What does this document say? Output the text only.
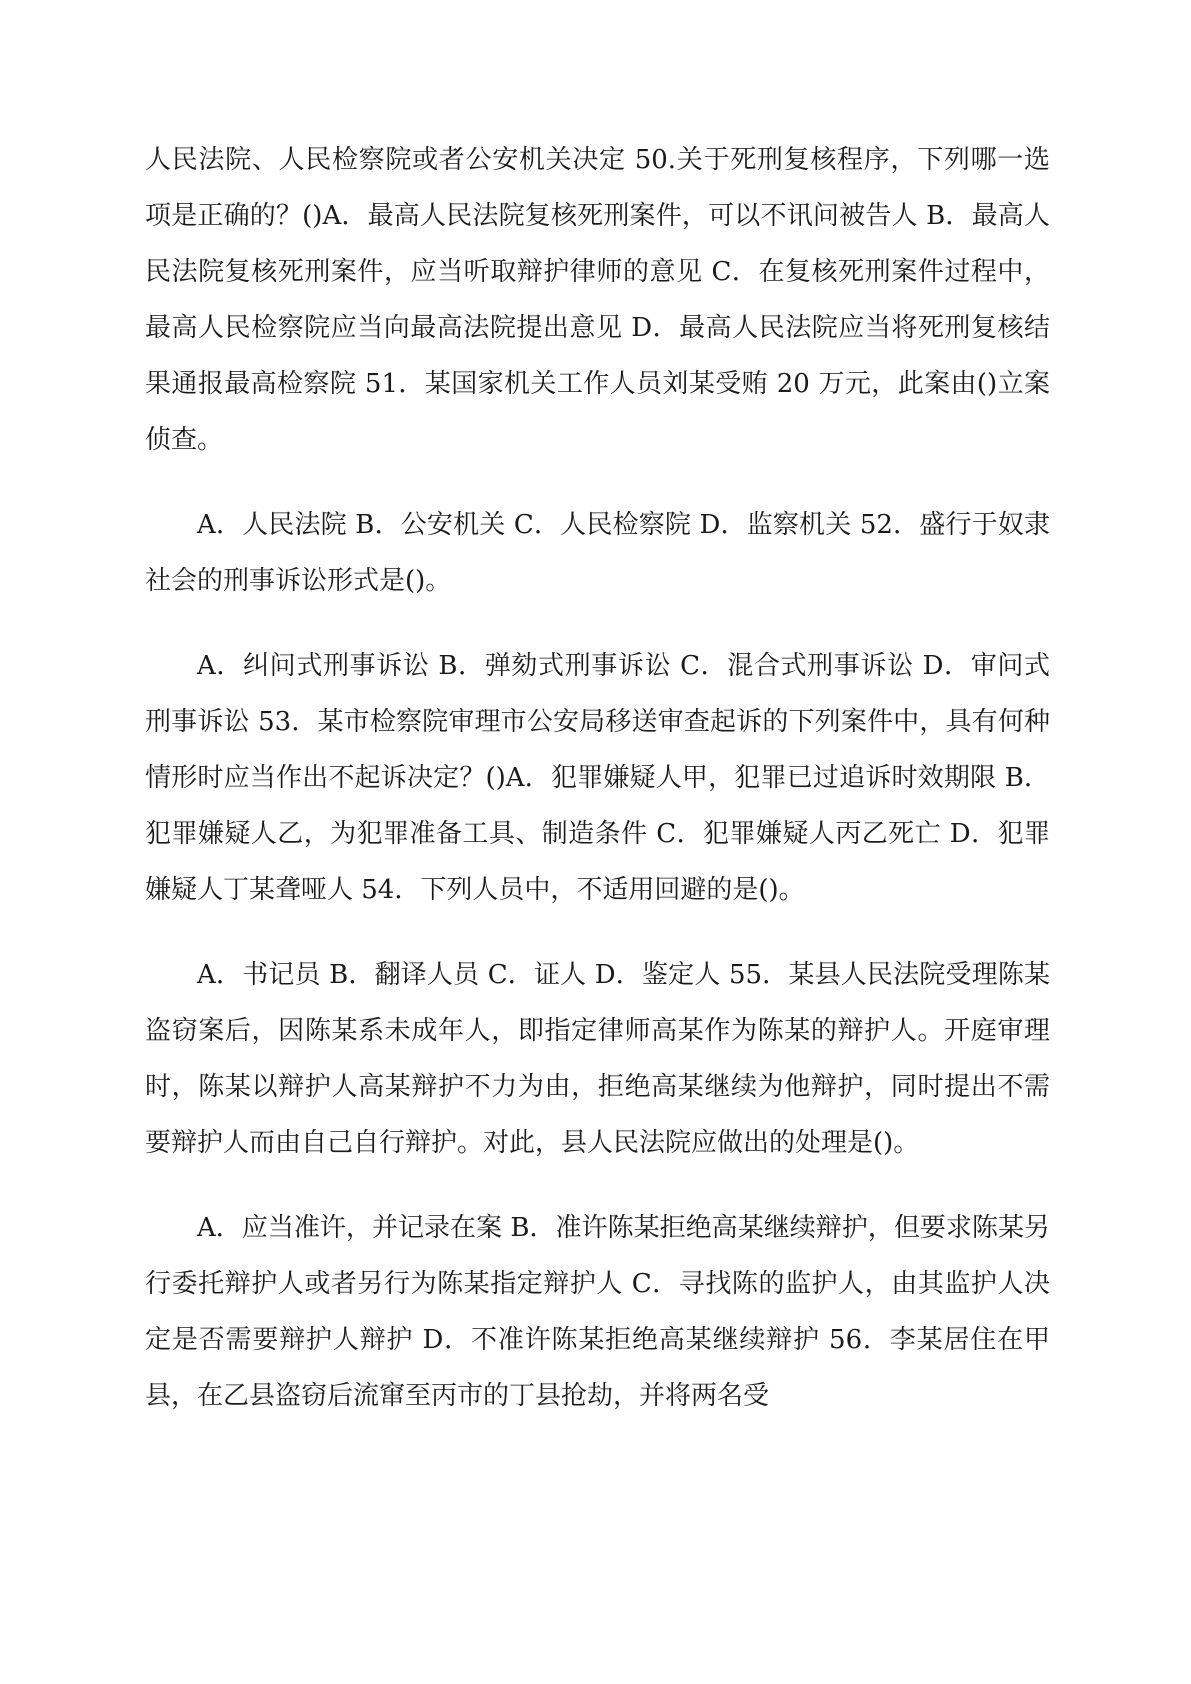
人民法院、人民检察院或者公安机关决定 50.关于死刑复核程序，下列哪一选项是正确的？()A．最高人民法院复核死刑案件，可以不讯问被告人 B．最高人民法院复核死刑案件，应当听取辩护律师的意见 C．在复核死刑案件过程中，最高人民检察院应当向最高法院提出意见 D．最高人民法院应当将死刑复核结果通报最高检察院 51．某国家机关工作人员刘某受贿 20 万元，此案由()立案侦查。

A．人民法院 B．公安机关 C．人民检察院 D．监察机关 52．盛行于奴隶社会的刑事诉讼形式是()。

A．纠问式刑事诉讼 B．弹劾式刑事诉讼 C．混合式刑事诉讼 D．审问式刑事诉讼 53．某市检察院审理市公安局移送审查起诉的下列案件中，具有何种情形时应当作出不起诉决定？()A．犯罪嫌疑人甲，犯罪已过追诉时效期限 B．犯罪嫌疑人乙，为犯罪准备工具、制造条件 C．犯罪嫌疑人丙乙死亡 D．犯罪嫌疑人丁某聋哑人 54．下列人员中，不适用回避的是()。

A．书记员 B．翻译人员 C．证人 D．鉴定人 55．某县人民法院受理陈某盗窃案后，因陈某系未成年人，即指定律师高某作为陈某的辩护人。开庭审理时，陈某以辩护人高某辩护不力为由，拒绝高某继续为他辩护，同时提出不需要辩护人而由自己自行辩护。对此，县人民法院应做出的处理是()。

A．应当准许，并记录在案 B．准许陈某拒绝高某继续辩护，但要求陈某另行委托辩护人或者另行为陈某指定辩护人 C．寻找陈的监护人，由其监护人决定是否需要辩护人辩护 D．不准许陈某拒绝高某继续辩护 56．李某居住在甲县，在乙县盗窃后流窜至丙市的丁县抢劫，并将两名受
